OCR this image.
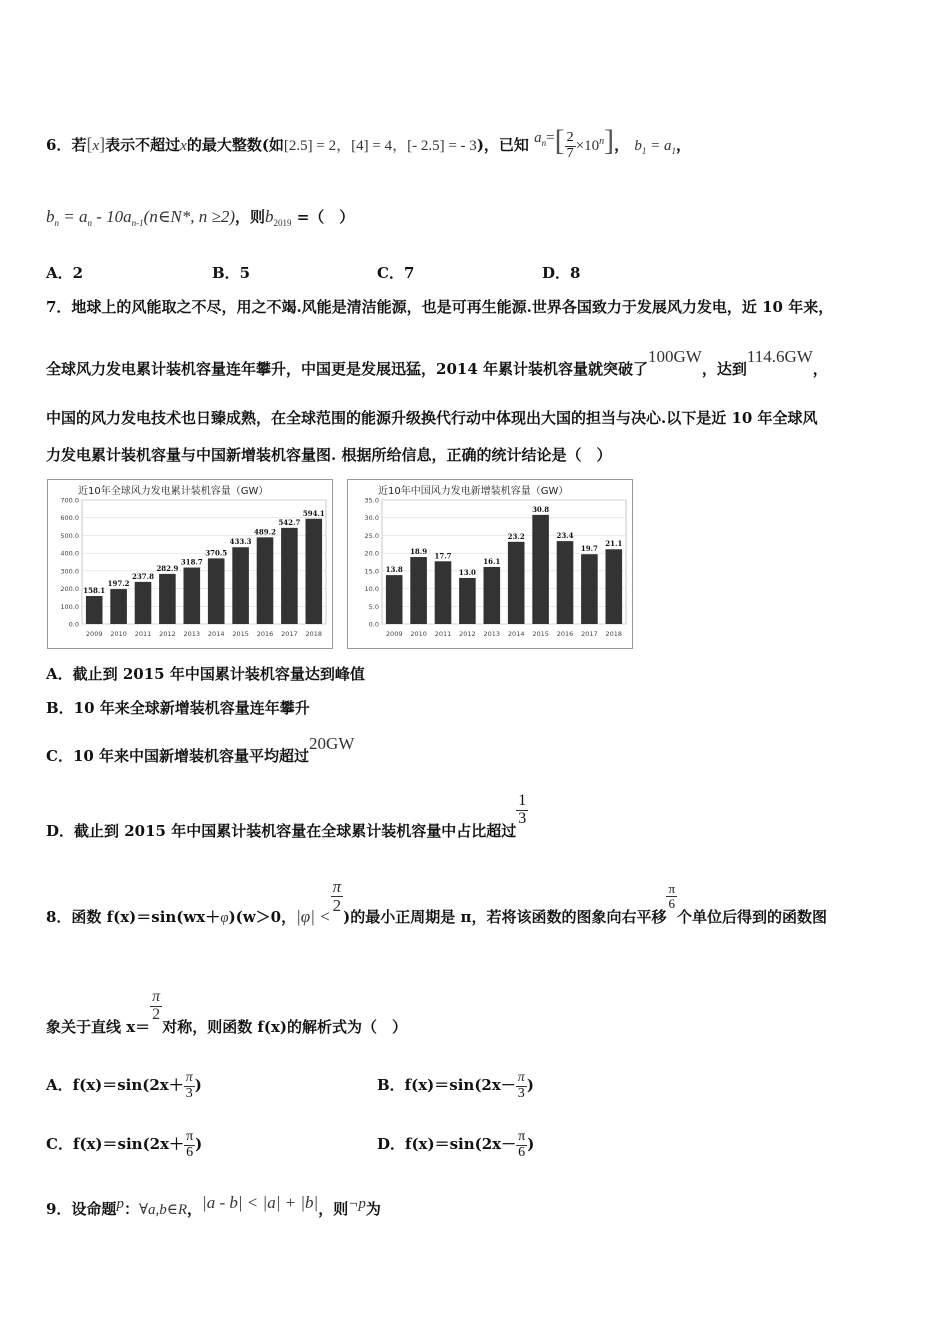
6．若[x]表示不超过x的最大整数(如[2.5] = 2，[4] = 4，[- 2.5] = - 3)，已知 $a_n=[ \frac{2}{7} \times 10^n]$， $b_1 = a_1$，
$b_n = a_n$ - $10a_{n-1}(n\in N*$, n ≥2)，则$b_{2019}$ =（　）
A．2	B．5	C．7	D．8
7．地球上的风能取之不尽，用之不竭.风能是清洁能源，也是可再生能源.世界各国致力于发展风力发电，近 10 年来，
全球风力发电累计装机容量连年攀升，中国更是发展迅猛，2014 年累计装机容量就突破了100GW，达到114.6GW，
中国的风力发电技术也日臻成熟，在全球范围的能源升级换代行动中体现出大国的担当与决心.以下是近 10 年全球风
力发电累计装机容量与中国新增装机容量图. 根据所给信息，正确的统计结论是（　）
近10年全球风力发电累计装机容量（GW）
0.0
100.0
200.0
300.0
400.0
500.0
600.0
700.0
158.1
2009
197.2
2010
237.8
2011
282.9
2012
318.7
2013
370.5
2014
433.3
2015
489.2
2016
542.7
2017
594.1
2018
近10年中国风力发电新增装机容量（GW）
0.0
5.0
10.0
15.0
20.0
25.0
30.0
35.0
13.8
2009
18.9
2010
17.7
2011
13.0
2012
16.1
2013
23.2
2014
30.8
2015
23.4
2016
19.7
2017
21.1
2018
A．截止到 2015 年中国累计装机容量达到峰值
B．10 年来全球新增装机容量连年攀升
C．10 年来中国新增装机容量平均超过20GW
D．截止到 2015 年中国累计装机容量在全球累计装机容量中占比超过
$\frac{1}{3}$
8．函数 f(x)＝sin(wx＋φ)(w＞0，|φ| <
$\frac{\pi}{2}$
)的最小正周期是 π，若将该函数的图象向右平移
$\frac{\pi}{6}$
个单位后得到的函数图
象关于直线 x＝
$\frac{\pi}{2}$
对称，则函数 f(x)的解析式为（　）
A．$f(x)=\sin(2x+ \frac{\pi}{3}$ )	B．$f(x)=\sin(2x- \frac{\pi}{3}$ )
C．$f(x)=\sin(2x+ \frac{\pi}{6}$ )	D．$f(x)=\sin(2x- \frac{\pi}{6}$ )
9．设命题p：∀a,b∈R，|a - b| < |a| + |b|，则¬p为
